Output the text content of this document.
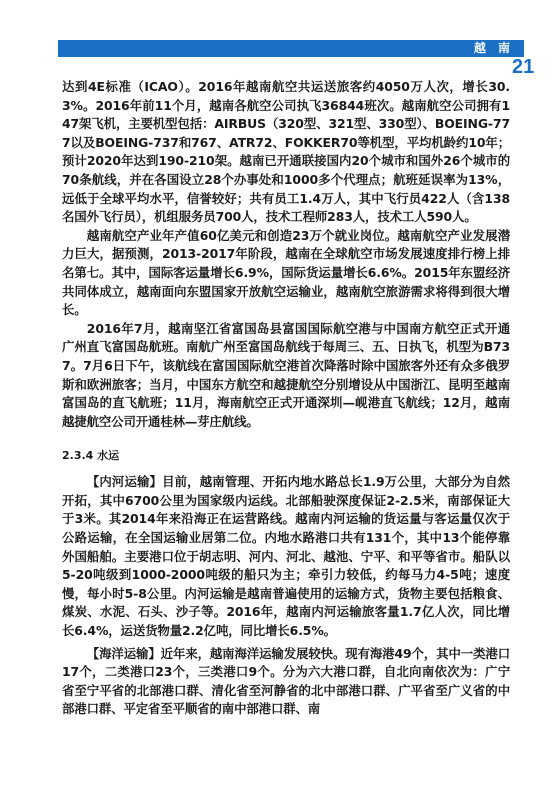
越 南
21

达到4E标准（ICAO）。2016年越南航空共运送旅客约4050万人次，增长30.3%。2016年前11个月，越南各航空公司执飞36844班次。越南航空公司拥有147架飞机，主要机型包括：AIRBUS（320型、321型、330型）、BOEING-777以及BOEING-737和767、ATR72、FOKKER70等机型，平均机龄约10年；预计2020年达到190-210架。越南已开通联接国内20个城市和国外26个城市的70条航线，并在各国设立28个办事处和1000多个代理点；航班延误率为13%，远低于全球平均水平，信誉较好；共有员工1.4万人，其中飞行员422人（含138名国外飞行员），机组服务员700人，技术工程师283人，技术工人590人。

越南航空产业年产值60亿美元和创造23万个就业岗位。越南航空产业发展潜力巨大，据预测，2013-2017年阶段，越南在全球航空市场发展速度排行榜上排名第七。其中，国际客运量增长6.9%，国际货运量增长6.6%。2015年东盟经济共同体成立，越南面向东盟国家开放航空运输业，越南航空旅游需求将得到很大增长。

2016年7月，越南坚江省富国岛县富国国际航空港与中国南方航空正式开通广州直飞富国岛航班。南航广州至富国岛航线于每周三、五、日执飞，机型为B737。7月6日下午，该航线在富国国际航空港首次降落时除中国旅客外还有众多俄罗斯和欧洲旅客；当月，中国东方航空和越捷航空分别增设从中国浙江、昆明至越南富国岛的直飞航班；11月，海南航空正式开通深圳—岘港直飞航线；12月，越南越捷航空公司开通桂林—芽庄航线。

2.3.4 水运

【内河运输】目前，越南管理、开拓内地水路总长1.9万公里，大部分为自然开拓，其中6700公里为国家级内运线。北部船驶深度保证2-2.5米，南部保证大于3米。其2014年来沿海正在运营路线。越南内河运输的货运量与客运量仅次于公路运输，在全国运输业居第二位。内地水路港口共有131个，其中13个能停靠外国船舶。主要港口位于胡志明、河内、河北、越池、宁平、和平等省市。船队以5-20吨级到1000-2000吨级的船只为主；牵引力较低，约每马力4-5吨；速度慢，每小时5-8公里。内河运输是越南普遍使用的运输方式，货物主要包括粮食、煤炭、水泥、石头、沙子等。2016年，越南内河运输旅客量1.7亿人次，同比增长6.4%，运送货物量2.2亿吨，同比增长6.5%。

【海洋运输】近年来，越南海洋运输发展较快。现有海港49个，其中一类港口17个，二类港口23个，三类港口9个。分为六大港口群，自北向南依次为：广宁省至宁平省的北部港口群、清化省至河静省的北中部港口群、广平省至广义省的中部港口群、平定省至平顺省的南中部港口群、南
